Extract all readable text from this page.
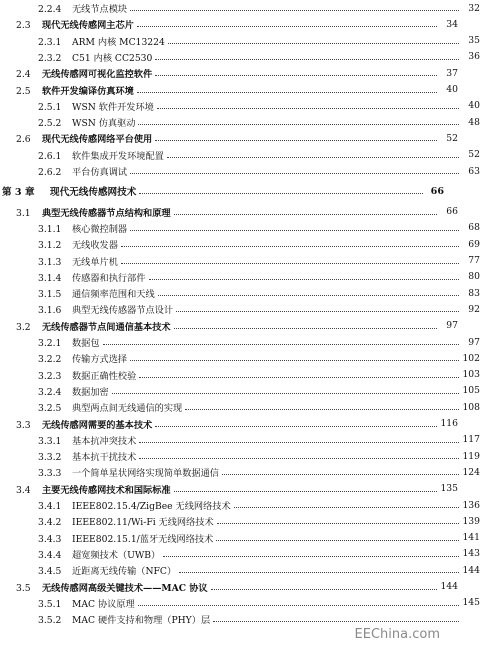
2.2.4 无线节点模块	32
2.3 现代无线传感网主芯片	34
2.3.1 ARM 内核 MC13224	35
2.3.2 C51 内核 CC2530	36
2.4 无线传感网可视化监控软件	37
2.5 软件开发编译仿真环境	40
2.5.1 WSN 软件开发环境	40
2.5.2 WSN 仿真驱动	48
2.6 现代无线传感网络平台使用	52
2.6.1 软件集成开发环境配置	52
2.6.2 平台仿真调试	63
第 3 章 现代无线传感网技术	66
3.1 典型无线传感器节点结构和原理	66
3.1.1 核心微控制器	68
3.1.2 无线收发器	69
3.1.3 无线单片机	77
3.1.4 传感器和执行部件	80
3.1.5 通信频率范围和天线	83
3.1.6 典型无线传感器节点设计	92
3.2 无线传感器节点间通信基本技术	97
3.2.1 数据包	97
3.2.2 传输方式选择	102
3.2.3 数据正确性校验	103
3.2.4 数据加密	105
3.2.5 典型两点间无线通信的实现	108
3.3 无线传感网需要的基本技术	116
3.3.1 基本抗冲突技术	117
3.3.2 基本抗干扰技术	119
3.3.3 一个简单星状网络实现简单数据通信	124
3.4 主要无线传感网技术和国际标准	135
3.4.1 IEEE802.15.4/ZigBee 无线网络技术	136
3.4.2 IEEE802.11/Wi-Fi 无线网络技术	139
3.4.3 IEEE802.15.1/蓝牙无线网络技术	141
3.4.4 超宽频技术（UWB）	143
3.4.5 近距离无线传输（NFC）	144
3.5 无线传感网高级关键技术——MAC 协议	144
3.5.1 MAC 协议原理	145
3.5.2 MAC 硬件支持和物理（PHY）层
EEChina.com
